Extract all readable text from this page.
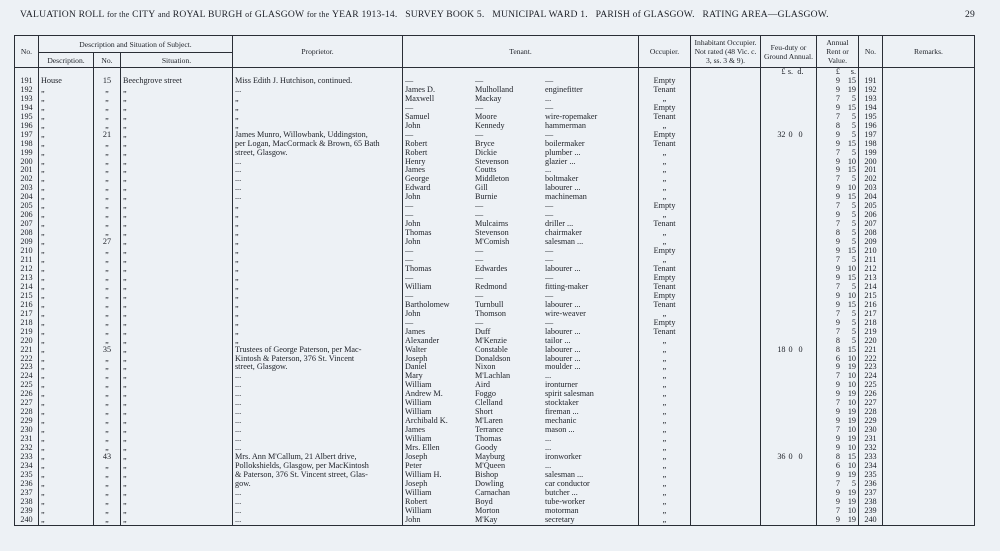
VALUATION ROLL for the CITY and ROYAL BURGH of GLASGOW for the YEAR 1913-14. SURVEY BOOK 5. MUNICIPAL WARD 1. PARISH of GLASGOW. RATING AREA—GLASGOW.	29
No.	Description and Situation of Subject.			Proprietor.	Tenant.	Occupier.	Inhabitant Occupier. Not rated (48 Vic. c. 3, ss. 3 & 9).	Feu-duty or Ground Annual.	Annual Rent or Value.	No.	Remarks.
	Description.	No.	Situation.								

								£ s. d.	£ s.		

191	House	15	Beechgrove street	Miss Edith J. Hutchison, continued.	— — —	Empty			9 15	191	
192	„	„	„	...	James D. Mulholland enginefitter	Tenant			9 19	192	
193	„	„	„	„	Maxwell Mackay ...	„			7 5	193	
194	„	„	„	„	— — —	Empty			9 15	194	
195	„	„	„	„	Samuel Moore wire-ropemaker	Tenant			7 5	195	
196	„	„	„	„	John Kennedy hammerman	„			8 5	196	
197	„	21	„	James Munro, Willowbank, Uddingston,	— — —	Empty		32 0 0	9 5	197	
198	„	„	„	per Logan, MacCormack & Brown, 65 Bath	Robert Bryce boilermaker	Tenant			9 15	198	
199	„	„	„	street, Glasgow.	Robert Dickie plumber ...	„			7 5	199	
200	„	„	„	...	Henry Stevenson glazier ...	„			9 10	200	
201	„	„	„	...	James Coutts ...	„			9 15	201	
202	„	„	„	...	George Middleton boltmaker	„			7 5	202	
203	„	„	„	...	Edward Gill labourer ...	„			9 10	203	
204	„	„	„	...	John Burnie machineman	„			9 15	204	
205	„	„	„	„	— — —	Empty			7 5	205	
206	„	„	„	„	— — —	„			9 5	206	
207	„	„	„	„	John Mulcairns driller ...	Tenant			7 5	207	
208	„	„	„	„	Thomas Stevenson chairmaker	„			8 5	208	
209	„	27	„	„	John M'Comish salesman ...	„			9 5	209	
210	„	„	„	„	— — —	Empty			9 15	210	
211	„	„	„	„	— — —	„			7 5	211	
212	„	„	„	„	Thomas Edwardes labourer ...	Tenant			9 10	212	
213	„	„	„	„	— — —	Empty			9 15	213	
214	„	„	„	„	William Redmond fitting-maker	Tenant			7 5	214	
215	„	„	„	„	— — —	Empty			9 10	215	
216	„	„	„	„	Bartholomew Turnbull labourer ...	Tenant			9 15	216	
217	„	„	„	„	John Thomson wire-weaver	„			7 5	217	
218	„	„	„	„	— — —	Empty			9 5	218	
219	„	„	„	„	James Duff labourer ...	Tenant			7 5	219	
220	„	„	„	„	Alexander M'Kenzie tailor ...	„			8 5	220	
221	„	35	„	Trustees of George Paterson, per Mac-	Walter Constable labourer ...	„		18 0 0	8 15	221	
222	„	„	„	Kintosh & Paterson, 376 St. Vincent	Joseph Donaldson labourer ...	„			6 10	222	
223	„	„	„	street, Glasgow.	Daniel Nixon moulder ...	„			9 19	223	
224	„	„	„	...	Mary M'Lachlan ...	„			7 10	224	
225	„	„	„	...	William Aird ironturner	„			9 10	225	
226	„	„	„	...	Andrew M. Foggo spirit salesman	„			9 19	226	
227	„	„	„	...	William Clelland stocktaker	„			7 10	227	
228	„	„	„	...	William Short fireman ...	„			9 19	228	
229	„	„	„	...	Archibald K. M'Laren mechanic	„			9 19	229	
230	„	„	„	...	James Terrance mason ...	„			7 10	230	
231	„	„	„	...	William Thomas ...	„			9 19	231	
232	„	„	„	...	Mrs. Ellen Goody ...	„			9 10	232	
233	„	43	„	Mrs. Ann M'Callum, 21 Albert drive,	Joseph Mayburg ironworker	„		36 0 0	8 15	233	
234	„	„	„	Pollokshields, Glasgow, per MacKintosh	Peter M'Queen ...	„			6 10	234	
235	„	„	„	& Paterson, 376 St. Vincent street, Glas-	William H. Bishop salesman ...	„			9 19	235	
236	„	„	„	gow.	Joseph Dowling car conductor	„			7 5	236	
237	„	„	„	...	William Carnachan butcher ...	„			9 19	237	
238	„	„	„	...	Robert Boyd tube-worker	„			9 19	238	
239	„	„	„	...	William Morton motorman	„			7 10	239	
240	„	„	„	...	John M'Kay secretary	„			9 19	240	
